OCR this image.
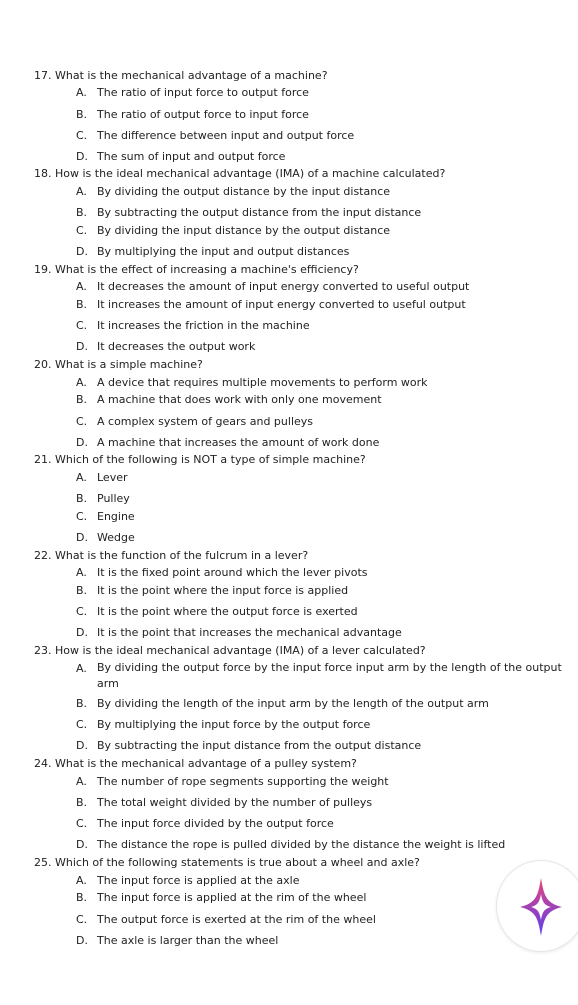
17. What is the mechanical advantage of a machine?
A. The ratio of input force to output force
B. The ratio of output force to input force
C. The difference between input and output force
D. The sum of input and output force
18. How is the ideal mechanical advantage (IMA) of a machine calculated?
A. By dividing the output distance by the input distance
B. By subtracting the output distance from the input distance
C. By dividing the input distance by the output distance
D. By multiplying the input and output distances
19. What is the effect of increasing a machine's efficiency?
A. It decreases the amount of input energy converted to useful output
B. It increases the amount of input energy converted to useful output
C. It increases the friction in the machine
D. It decreases the output work
20. What is a simple machine?
A. A device that requires multiple movements to perform work
B. A machine that does work with only one movement
C. A complex system of gears and pulleys
D. A machine that increases the amount of work done
21. Which of the following is NOT a type of simple machine?
A. Lever
B. Pulley
C. Engine
D. Wedge
22. What is the function of the fulcrum in a lever?
A. It is the fixed point around which the lever pivots
B. It is the point where the input force is applied
C. It is the point where the output force is exerted
D. It is the point that increases the mechanical advantage
23. How is the ideal mechanical advantage (IMA) of a lever calculated?
A. By dividing the output force by the input force input arm by the length of the output arm
B. By dividing the length of the input arm by the length of the output arm
C. By multiplying the input force by the output force
D. By subtracting the input distance from the output distance
24. What is the mechanical advantage of a pulley system?
A. The number of rope segments supporting the weight
B. The total weight divided by the number of pulleys
C. The input force divided by the output force
D. The distance the rope is pulled divided by the distance the weight is lifted
25. Which of the following statements is true about a wheel and axle?
A. The input force is applied at the axle
B. The input force is applied at the rim of the wheel
C. The output force is exerted at the rim of the wheel
D. The axle is larger than the wheel
